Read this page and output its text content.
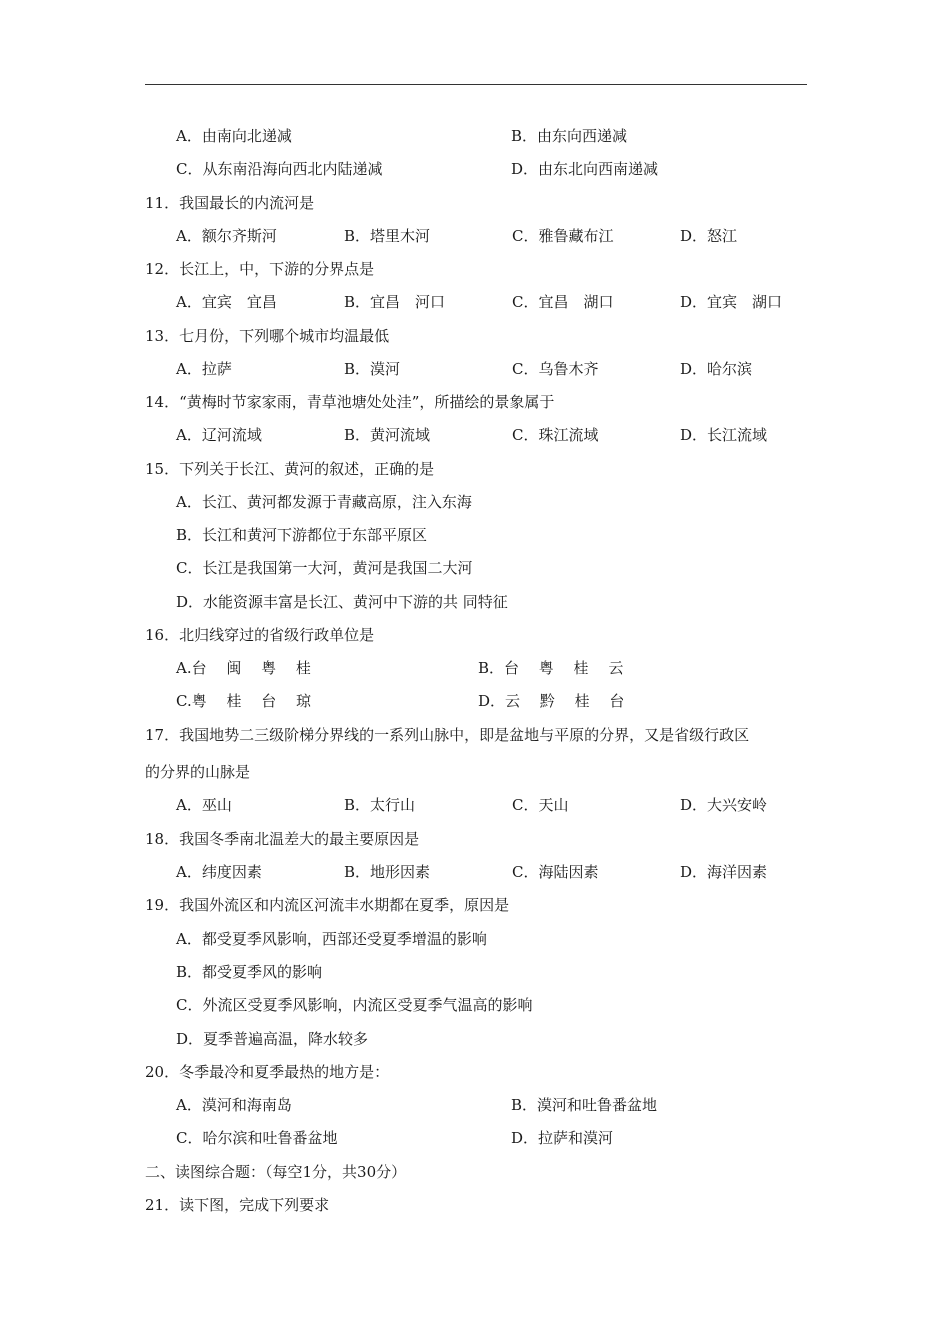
A．由南向北递减	B．由东向西递减
C．从东南沿海向西北内陆递减	D．由东北向西南递减
11．我国最长的内流河是
A．额尔齐斯河	B．塔里木河	C．雅鲁藏布江	D．怒江
12．长江上，中，下游的分界点是
A．宜宾　宜昌	B．宜昌　河口	C．宜昌　湖口	D．宜宾　湖口
13．七月份，下列哪个城市均温最低
A．拉萨	B．漠河	C．乌鲁木齐	D．哈尔滨
14．“黄梅时节家家雨，青草池塘处处洼”，所描绘的景象属于
A．辽河流域	B．黄河流域	C．珠江流域	D．长江流域
15．下列关于长江、黄河的叙述，正确的是
A．长江、黄河都发源于青藏高原，注入东海
B．长江和黄河下游都位于东部平原区
C．长江是我国第一大河，黄河是我国二大河
D．水能资源丰富是长江、黄河中下游的共 同特征
16．北归线穿过的省级行政单位是
A.台　 闽　 粤　 桂	B．台　 粤　 桂　 云
C.粤　 桂　 台　 琼	D．云　 黔　 桂　 台
17．我国地势二三级阶梯分界线的一系列山脉中，即是盆地与平原的分界，又是省级行政区
的分界的山脉是
A．巫山	B．太行山	C．天山	D．大兴安岭
18．我国冬季南北温差大的最主要原因是
A．纬度因素	B．地形因素	C．海陆因素	D．海洋因素
19．我国外流区和内流区河流丰水期都在夏季，原因是
A．都受夏季风影响，西部还受夏季增温的影响
B．都受夏季风的影响
C．外流区受夏季风影响，内流区受夏季气温高的影响
D．夏季普遍高温，降水较多
20．冬季最冷和夏季最热的地方是：
A．漠河和海南岛	B．漠河和吐鲁番盆地
C．哈尔滨和吐鲁番盆地	D．拉萨和漠河
二、读图综合题：（每空1分，共30分）
21．读下图，完成下列要求
